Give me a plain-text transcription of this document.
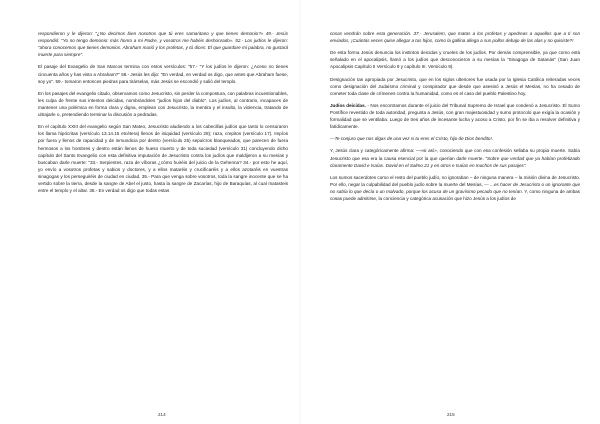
respondieron y le dijeron: "¿No decimos bien nosotros que tú eres samaritano y que tienes demonio?» 49.- Jesús respondió: "Yo no tengo demonio: más honro a mi Padre, y vosotros me habéis deshonrado». 52.- Los judíos le dijeron: "ahora conocemos que tienes demonios. Abraham murió y los profetas, y tú dices: El que guardare mi palabra, no gustará muerte para siempre".

El pasaje del Evangelio de San Marcos termina con estos versículos: "57.- "Y los judíos le dijeron: ¿Aceso no tienes cincuenta años y has visto a Abraham?" 58.- Jesús les dijo: "En verdad, en verdad os digo, que antes que Abraham fuese, soy yo". 59.- tomaron entonces piedras para tirárselas, más Jesús se escondió y salió del templo.

En los pasajes del evangelio citado, observamos como Jesucristo, sin perder la compostura, con palabras incuestionables, les culpa de frente sus intentos deicidas, nombrándoles "judíos hijos del diablo". Los judíos, al contrario, incapaces de mantener una polémica en forma clara y digna, emplean con Jesucristo, la mentira y el insulto, la violencia, tratando de ultrajarle o, pretendiendo terminar la discusión a pedradas.

En el capítulo XXIII del evangelio según San Mateo, Jesucristo aludiendo a los cabecillas judíos que tanto lo censuraron los llama hipócritas (versículo 13.14.15 etcétera) llenos de iniquidad (versículo 28); raza, crepitos (versículo 17). Impíos por fuera y llenos de rapacidad y de inmundicia por dentro (versículo 25) sepulcros blanqueados, que parecen de fuera hermosos a los hombres y dentro están llenos de hueso muerto y de toda suciedad (versículo 31) concluyendo dicho capítulo del Santo Evangelio con esta definitiva imputación de Jesucristo contra los judíos que maldijeron a su mesías y buscaban darle muerte: "33.- Serpientes, raza de víboras ¿cómo huiréis del juicio de la Gehenna? 34.- por esto he aquí, yo envío a vosotros profetas y sabios y doctores, y a ellos mataréis y crucificaréis y a ellos azotaréis en vuestras sinagogas y los perseguiréis de ciudad en ciudad. 35.- Para que venga sobre vosotros, toda la sangre inocente que se ha vertido sobre la tierra, desde la sangre de Abel el justo, hasta la sangre de Zacarías, hijo de Baraquías, al cual matasteis entre el templo y el altar. 36.- En verdad os digo que todas estas

cosas vendrán sobre esta generación. 37.- Jerusalem, que matas a los profetas y apedreas a aquellos que a ti son enviados, ¡Cuántas veces quise allegar a tus hijos, como la gallina allega a sus pollos debajo de las alas y no quisiste?!

De esta forma Jesús denuncia los instintos deicidas y crueles de los judíos. Por demás comprensible, ya que como está señalado en el apocalipsis, llamó a los judíos que desconocieron a su mesías la "Sinagoga de Satanás" (San Juan Apocalipsis Capítulo II Versículo 9 y capítulo III. Versículo 9).

Designación tan apropiada por Jesucristo, que en los siglos ulteriores fue usada por la Iglesia Católica reiteradas veces como designación del Judaísmo criminal y conspirador que desde que asesinó a Jesús el Mesías, no ha cesado de cometer toda clase de crímenes contra la humanidad, como es el caso del pueblo Palestino hoy.

Judíos deicidas. - Nos encontramos durante el juicio del Tribunal Supremo de Israel que condenó a Jesucristo. El Sumo Pontífice revestido de toda autoridad, pregunta a Jesús, con gran majestuosidad y sumo protocolo que exigía la ocasión y formalidad que se ventilaba. Luego de tres años de incesante lucha y acoso a Cristo, por fin se iba a resolver definitiva y fatídicamente.

—Te conjuro que nos digas de una vez si tu eres el Cristo, hijo de Dios bendito!.

Y, Jesús clara y categóricamente afirma: —«si así», conociendo que con esa confesión sellaba su propia muerte. Sabía Jesucristo que esa era la causa esencial por la que querían darle muerte. "Sobre que verdad que ya habían profetizado claramente David e Isaías. David en el Salmo 21 y en otros e Isaías en muchos de sus pasajes".

Los sumos sacerdotes como el resto del pueblo judío, no ignoraban – de ninguna manera – la misión divina de Jesucristo. Por ello, negar la culpabilidad del pueblo judío sobre la muerte del Mesías, — ...es hacer de Jesucristo o un ignorante que no sabía lo que decía o un malvado, porque los acusa de un gravísimo pecado que no tenían. Y, como ninguna de ambas cosas puede admitirse, la conciencia y categórica acusación que hizo Jesús a los judíos de

214	215
